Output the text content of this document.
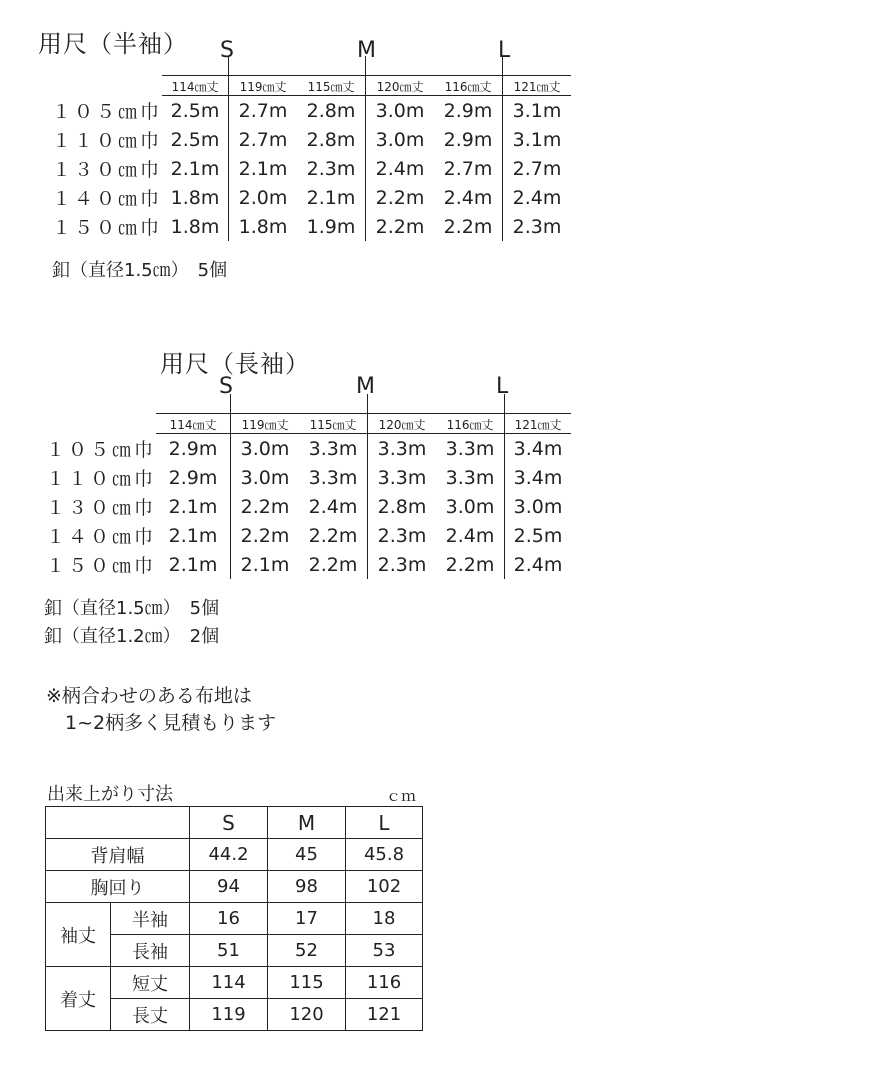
用尺（半袖） S	M	L

	114㎝丈	119㎝丈	115㎝丈	120㎝丈	116㎝丈	121㎝丈
１０５㎝巾	2.5m	2.7m	2.8m	3.0m	2.9m	3.1m
１１０㎝巾	2.5m	2.7m	2.8m	3.0m	2.9m	3.1m
１３０㎝巾	2.1m	2.1m	2.3m	2.4m	2.7m	2.7m
１４０㎝巾	1.8m	2.0m	2.1m	2.2m	2.4m	2.4m
１５０㎝巾	1.8m	1.8m	1.9m	2.2m	2.2m	2.3m
釦（直径1.5㎝）　5個
用尺（長袖）
S	M	L

	114㎝丈	119㎝丈	115㎝丈	120㎝丈	116㎝丈	121㎝丈
１０５㎝巾	2.9m	3.0m	3.3m	3.3m	3.3m	3.4m
１１０㎝巾	2.9m	3.0m	3.3m	3.3m	3.3m	3.4m
１３０㎝巾	2.1m	2.2m	2.4m	2.8m	3.0m	3.0m
１４０㎝巾	2.1m	2.2m	2.2m	2.3m	2.4m	2.5m
１５０㎝巾	2.1m	2.1m	2.2m	2.3m	2.2m	2.4m
釦（直径1.5㎝）　5個
釦（直径1.2㎝）　2個
※柄合わせのある布地は
　1~2柄多く見積もります
出来上がり寸法	ｃｍ
		S	M	L
背肩幅		44.2	45	45.8
胸回り		94	98	102
袖丈	半袖	16	17	18
	長袖	51	52	53
着丈	短丈	114	115	116
	長丈	119	120	121
